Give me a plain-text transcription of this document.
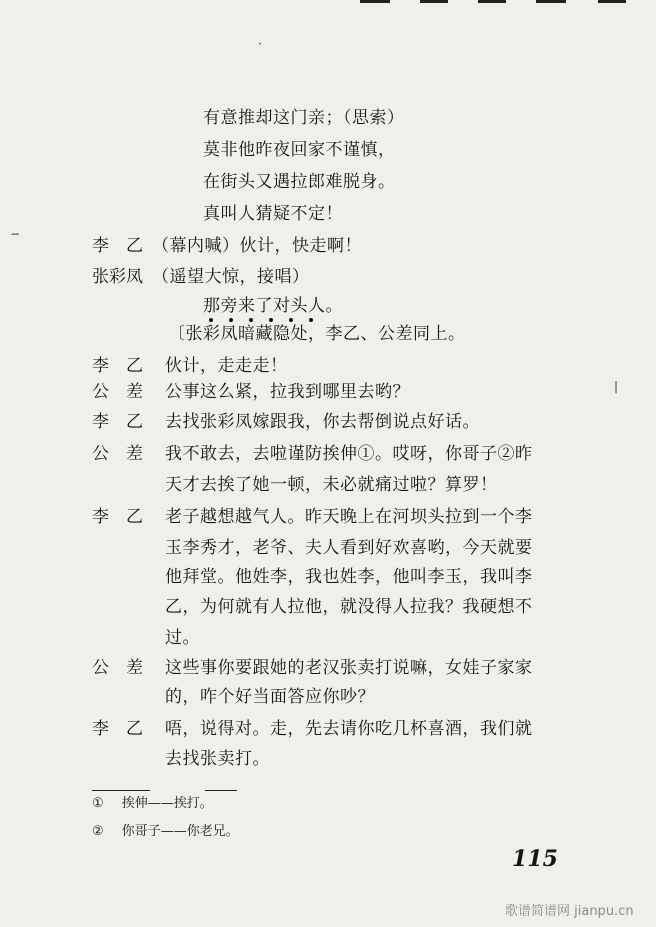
·
−
|
有意推却这门亲；（思索）
莫非他昨夜回家不谨慎，
在街头又遇拉郎难脱身。
真叫人猜疑不定！
李　乙 （幕内喊）伙计，快走啊！
张彩凤 （遥望大惊，接唱）
那旁来了对头人。
〔张彩凤暗藏隐处，李乙、公差同上。
李　乙	伙计，走走走！
公　差	公事这么紧，拉我到哪里去哟？
李　乙	去找张彩凤嫁跟我，你去帮倒说点好话。
公　差	我不敢去，去啦谨防挨伸①。哎呀，你哥子②昨
天才去挨了她一顿，未必就痛过啦？算罗！
李　乙	老子越想越气人。昨天晚上在河坝头拉到一个李
玉李秀才，老爷、夫人看到好欢喜哟，今天就要
他拜堂。他姓李，我也姓李，他叫李玉，我叫李
乙，为何就有人拉他，就没得人拉我？我硬想不
过。
公　差	这些事你要跟她的老汉张卖打说嘛，女娃子家家
的，咋个好当面答应你吵？
李　乙	唔，说得对。走，先去请你吃几杯喜酒，我们就
去找张卖打。
① 挨伸——挨打。
② 你哥子——你老兄。
115
歌谱简谱网 jianpu.cn
